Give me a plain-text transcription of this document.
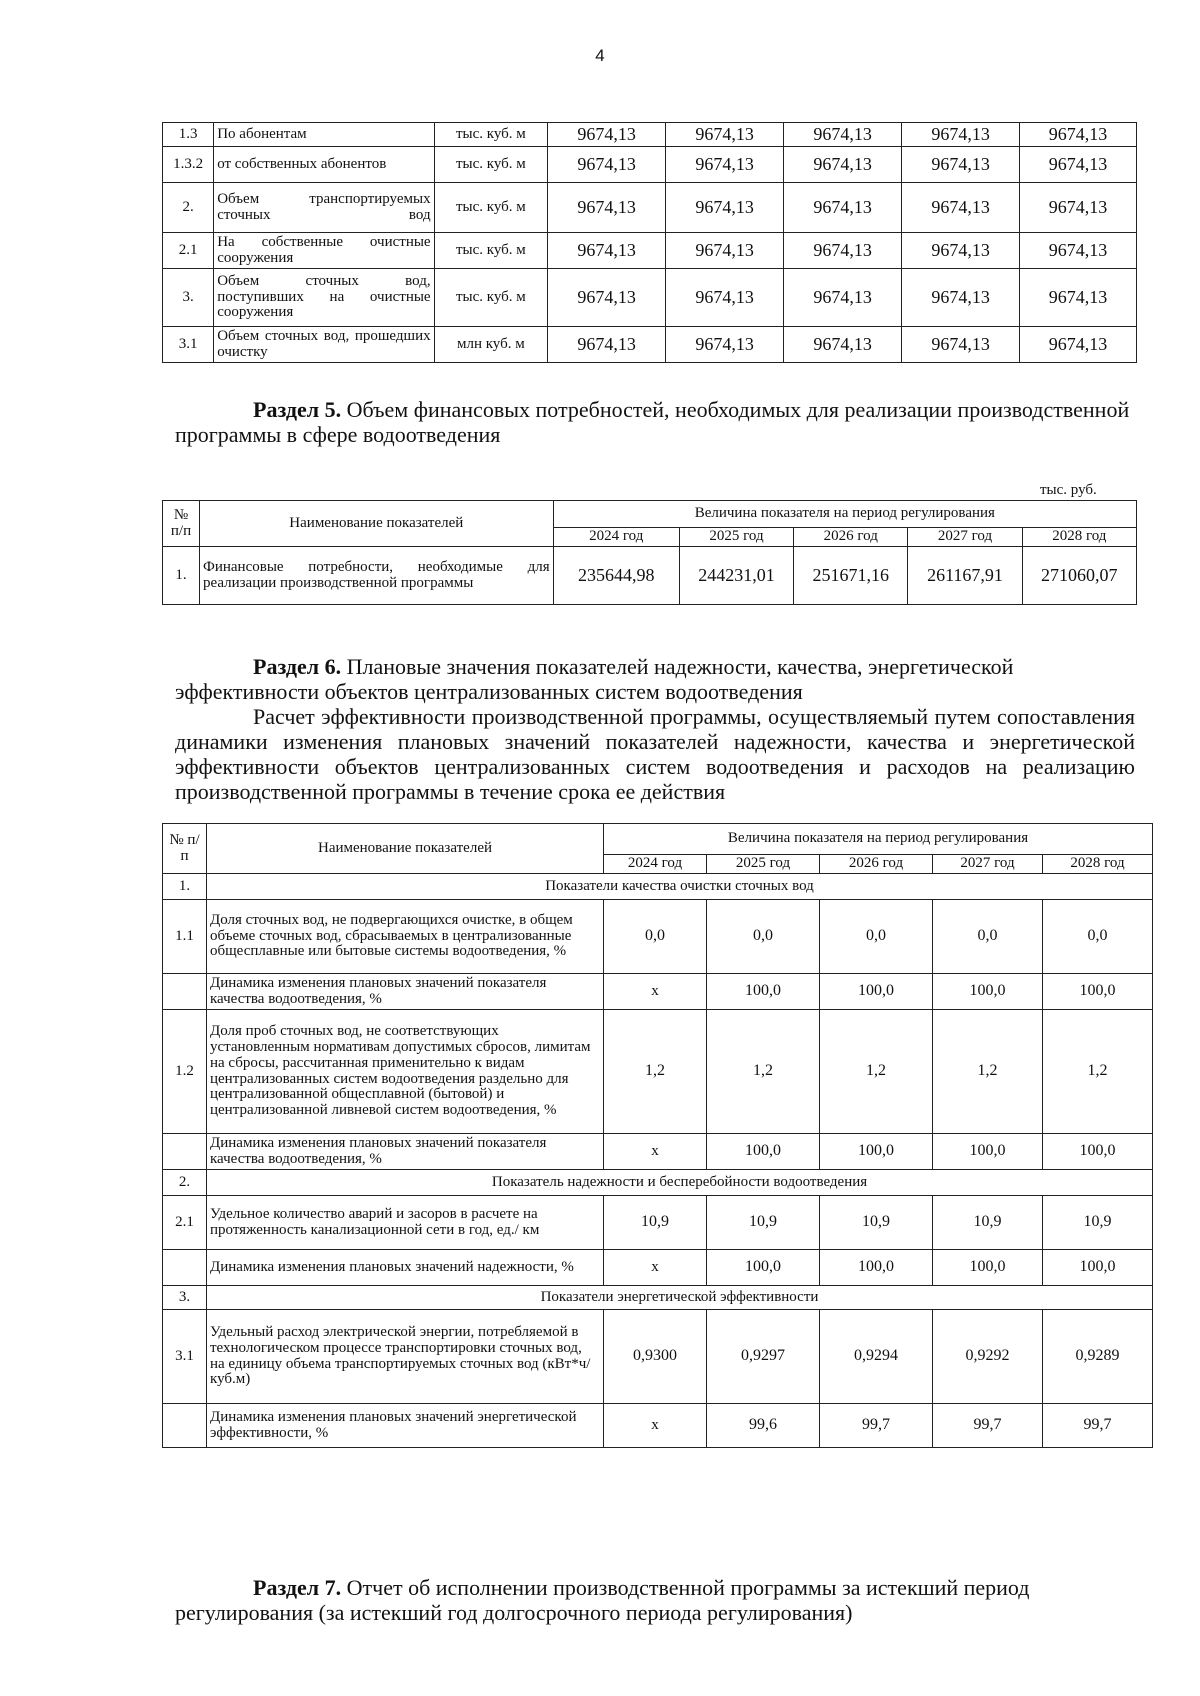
4
1.3	По абонентам	тыс. куб. м	9674,13	9674,13	9674,13	9674,13	9674,13
1.3.2	от собственных абонентов	тыс. куб. м	9674,13	9674,13	9674,13	9674,13	9674,13
2.	Объем транспортируемых сточных вод	тыс. куб. м	9674,13	9674,13	9674,13	9674,13	9674,13
2.1	На собственные очистные сооружения	тыс. куб. м	9674,13	9674,13	9674,13	9674,13	9674,13
3.	Объем сточных вод, поступивших на очистные сооружения	тыс. куб. м	9674,13	9674,13	9674,13	9674,13	9674,13
3.1	Объем сточных вод, прошедших очистку	млн куб. м	9674,13	9674,13	9674,13	9674,13	9674,13
Раздел 5. Объем финансовых потребностей, необходимых для реализации производственной программы в сфере водоотведения
тыс. руб.
№ п/п	Наименование показателей	Величина показателя на период регулирования				
		2024 год	2025 год	2026 год	2027 год	2028 год
1.	Финансовые потребности, необходимые для реализации производственной программы	235644,98	244231,01	251671,16	261167,91	271060,07
Раздел 6. Плановые значения показателей надежности, качества, энергетической эффективности объектов централизованных систем водоотведения
Расчет эффективности производственной программы, осуществляемый путем сопоставления динамики изменения плановых значений показателей надежности, качества и энергетической эффективности объектов централизованных систем водоотведения и расходов на реализацию производственной программы в течение срока ее действия
№ п/п	Наименование показателей	Величина показателя на период регулирования				
		2024 год	2025 год	2026 год	2027 год	2028 год
1.	Показатели качества очистки сточных вод					
1.1	Доля сточных вод, не подвергающихся очистке, в общем объеме сточных вод, сбрасываемых в централизованные общесплавные или бытовые системы водоотведения, %	0,0	0,0	0,0	0,0	0,0
	Динамика изменения плановых значений показателя качества водоотведения, %	х	100,0	100,0	100,0	100,0
1.2	Доля проб сточных вод, не соответствующих установленным нормативам допустимых сбросов, лимитам на сбросы, рассчитанная применительно к видам централизованных систем водоотведения раздельно для централизованной общесплавной (бытовой) и централизованной ливневой систем водоотведения, %	1,2	1,2	1,2	1,2	1,2
	Динамика изменения плановых значений показателя качества водоотведения, %	х	100,0	100,0	100,0	100,0
2.	Показатель надежности и бесперебойности водоотведения					
2.1	Удельное количество аварий и засоров в расчете на протяженность канализационной сети в год, ед./ км	10,9	10,9	10,9	10,9	10,9
	Динамика изменения плановых значений надежности, %	х	100,0	100,0	100,0	100,0
3.	Показатели энергетической эффективности					
3.1	Удельный расход электрической энергии, потребляемой в технологическом процессе транспортировки сточных вод, на единицу объема транспортируемых сточных вод (кВт*ч/ куб.м)	0,9300	0,9297	0,9294	0,9292	0,9289
	Динамика изменения плановых значений энергетической эффективности, %	х	99,6	99,7	99,7	99,7
Раздел 7. Отчет об исполнении производственной программы за истекший период регулирования (за истекший год долгосрочного периода регулирования)
